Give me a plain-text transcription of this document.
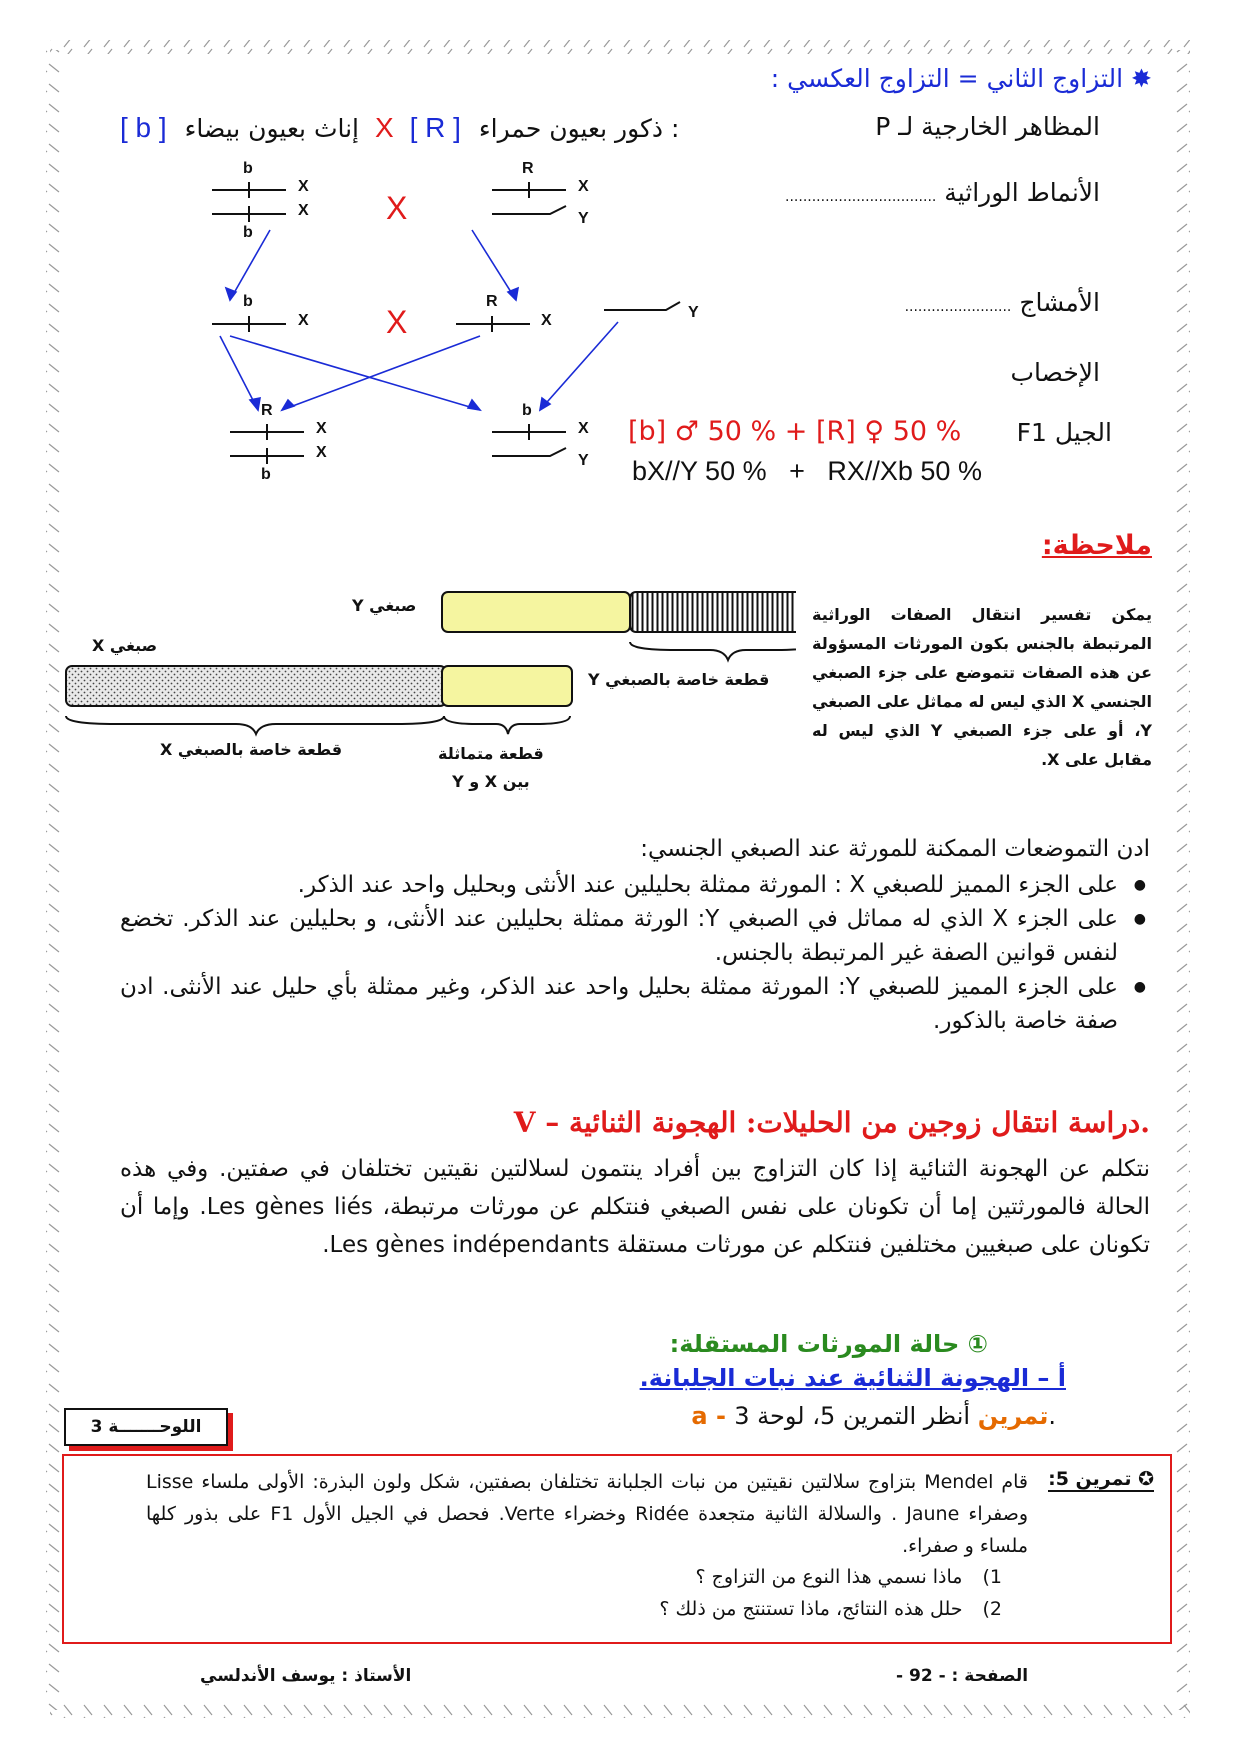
✸ التزاوج الثاني = التزاوج العكسي :
المظاهر الخارجية لـ P
[ b ] إناث بعيون بيضاء X [ R ] : ذكور بعيون حمراء
الأنماط الوراثية ..................................
الأمشاج ........................
الإخصاب
b
b
X
X X
R
X
Y
b
X X
R
X	Y
R
b
X
X
b
X
Y
الجيل F1
[b] ♂ 50 % + [R] ♀ 50 %
bX//Y 50 %   +   RX//Xb 50 %
ملاحظة:
يمكن تفسير انتقال الصفات الوراثية المرتبطة بالجنس بكون المورثات المسؤولة عن هذه الصفات تتموضع على جزء الصبغي الجنسي X الذي ليس له مماثل على الصبغي Y، أو على جزء الصبغي Y الذي ليس له مقابل على X.
صبغي Y
صبغي X
قطعة خاصة بالصبغي Y
قطعة خاصة بالصبغي X	قطعة متماثلة
بين X و Y
ادن التموضعات الممكنة للمورثة عند الصبغي الجنسي:
● على الجزء المميز للصبغي X : المورثة ممثلة بحليلين عند الأنثى وبحليل واحد عند الذكر.
● على الجزء X الذي له مماثل في الصبغي Y: الورثة ممثلة بحليلين عند الأنثى، و بحليلين عند الذكر. تخضع لنفس قوانين الصفة غير المرتبطة بالجنس.
● على الجزء المميز للصبغي Y: المورثة ممثلة بحليل واحد عند الذكر، وغير ممثلة بأي حليل عند الأنثى. ادن صفة خاصة بالذكور.
V – دراسة انتقال زوجين من الحليلات: الهجونة الثنائية.
نتكلم عن الهجونة الثنائية إذا كان التزاوج بين أفراد ينتمون لسلالتين نقيتين تختلفان في صفتين. وفي هذه الحالة فالمورثتين إما أن تكونان على نفس الصبغي فنتكلم عن مورثات مرتبطة، Les gènes liés. وإما أن تكونان على صبغيين مختلفين فنتكلم عن مورثات مستقلة Les gènes indépendants.
① حالة المورثات المستقلة:
أ – الهجونة الثنائية عند نبات الجلبانة.
a - تمرين أنظر التمرين 5، لوحة 3.
اللوحـــــــة 3
✪ تمرين 5:
قام Mendel بتزاوج سلالتين نقيتين من نبات الجلبانة تختلفان بصفتين، شكل ولون البذرة: الأولى ملساء Lisse وصفراء Jaune . والسلالة الثانية متجعدة Ridée وخضراء Verte. فحصل في الجيل الأول F1 على بذور كلها ملساء و صفراء.
1)ماذا نسمي هذا النوع من التزاوج ؟
2)حلل هذه النتائج، ماذا تستنتج من ذلك ؟
الصفحة : - 92 -
الأستاذ : يوسف الأندلسي
